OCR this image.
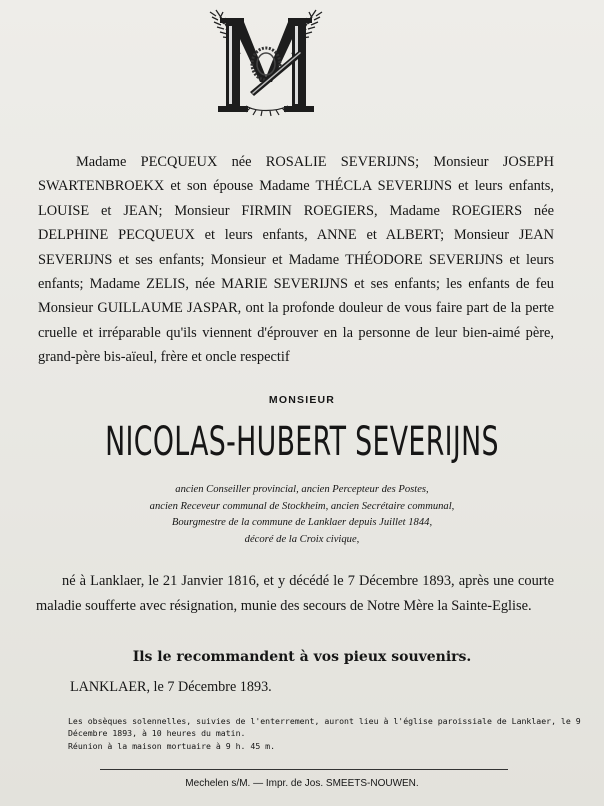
Madame PECQUEUX née ROSALIE SEVERIJNS; Monsieur JOSEPH SWARTENBROEKX et son épouse Madame THÉCLA SEVERIJNS et leurs enfants, LOUISE et JEAN; Monsieur FIRMIN ROEGIERS, Madame ROEGIERS née DELPHINE PECQUEUX et leurs enfants, ANNE et ALBERT; Monsieur JEAN SEVERIJNS et ses enfants; Monsieur et Madame THÉODORE SEVERIJNS et leurs enfants; Madame ZELIS, née MARIE SEVERIJNS et ses enfants; les enfants de feu Monsieur GUILLAUME JASPAR, ont la profonde douleur de vous faire part de la perte cruelle et irréparable qu'ils viennent d'éprouver en la personne de leur bien-aimé père, grand-père bis-aïeul, frère et oncle respectif
MONSIEUR
NICOLAS-HUBERT SEVERIJNS
ancien Conseiller provincial, ancien Percepteur des Postes,
ancien Receveur communal de Stockheim, ancien Secrétaire communal,
Bourgmestre de la commune de Lanklaer depuis Juillet 1844,
décoré de la Croix civique,
né à Lanklaer, le 21 Janvier 1816, et y décédé le 7 Décembre 1893, après une courte maladie soufferte avec résignation, munie des secours de Notre Mère la Sainte-Eglise.
Ils le recommandent à vos pieux souvenirs.
LANKLAER, le 7 Décembre 1893.
Les obsèques solennelles, suivies de l'enterrement, auront lieu à l'église paroissiale de Lanklaer, le 9
Décembre 1893, à 10 heures du matin.
Réunion à la maison mortuaire à 9 h. 45 m.
Mechelen s/M. — Impr. de Jos. SMEETS-NOUWEN.
